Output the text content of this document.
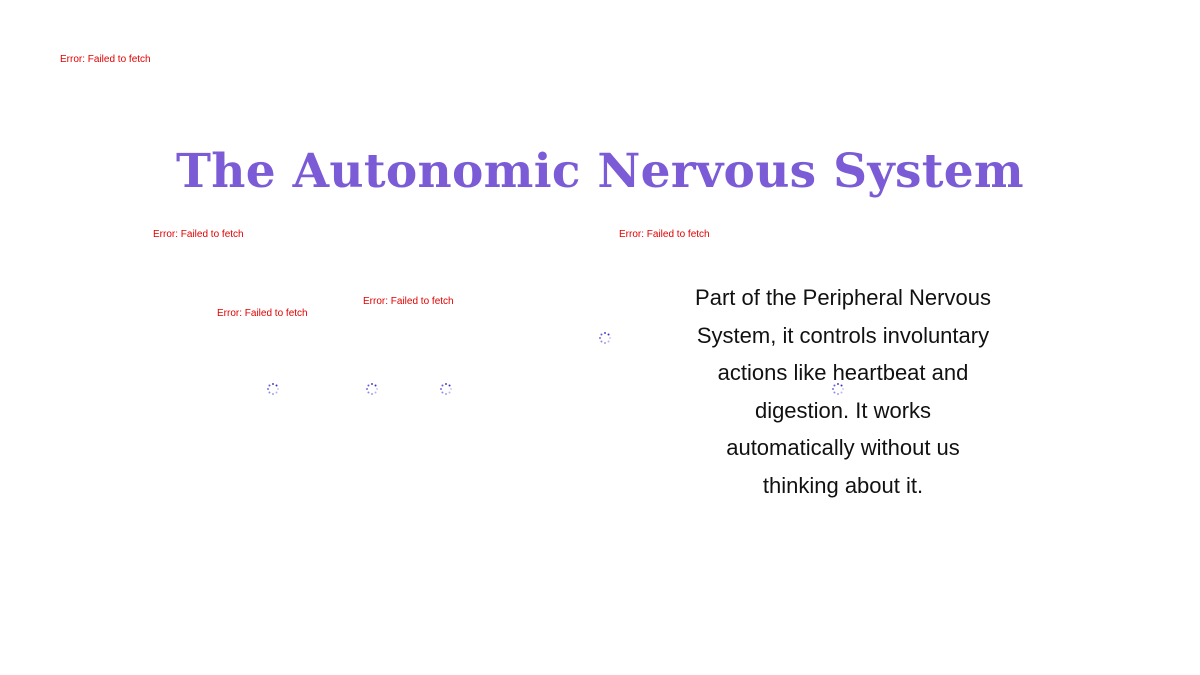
Error: Failed to fetch
The Autonomic Nervous System
Error: Failed to fetch	Error: Failed to fetch
Error: Failed to fetch
Error: Failed to fetch	Part of the Peripheral Nervous System, it controls involuntary actions like heartbeat and digestion. It works automatically without us thinking about it.
